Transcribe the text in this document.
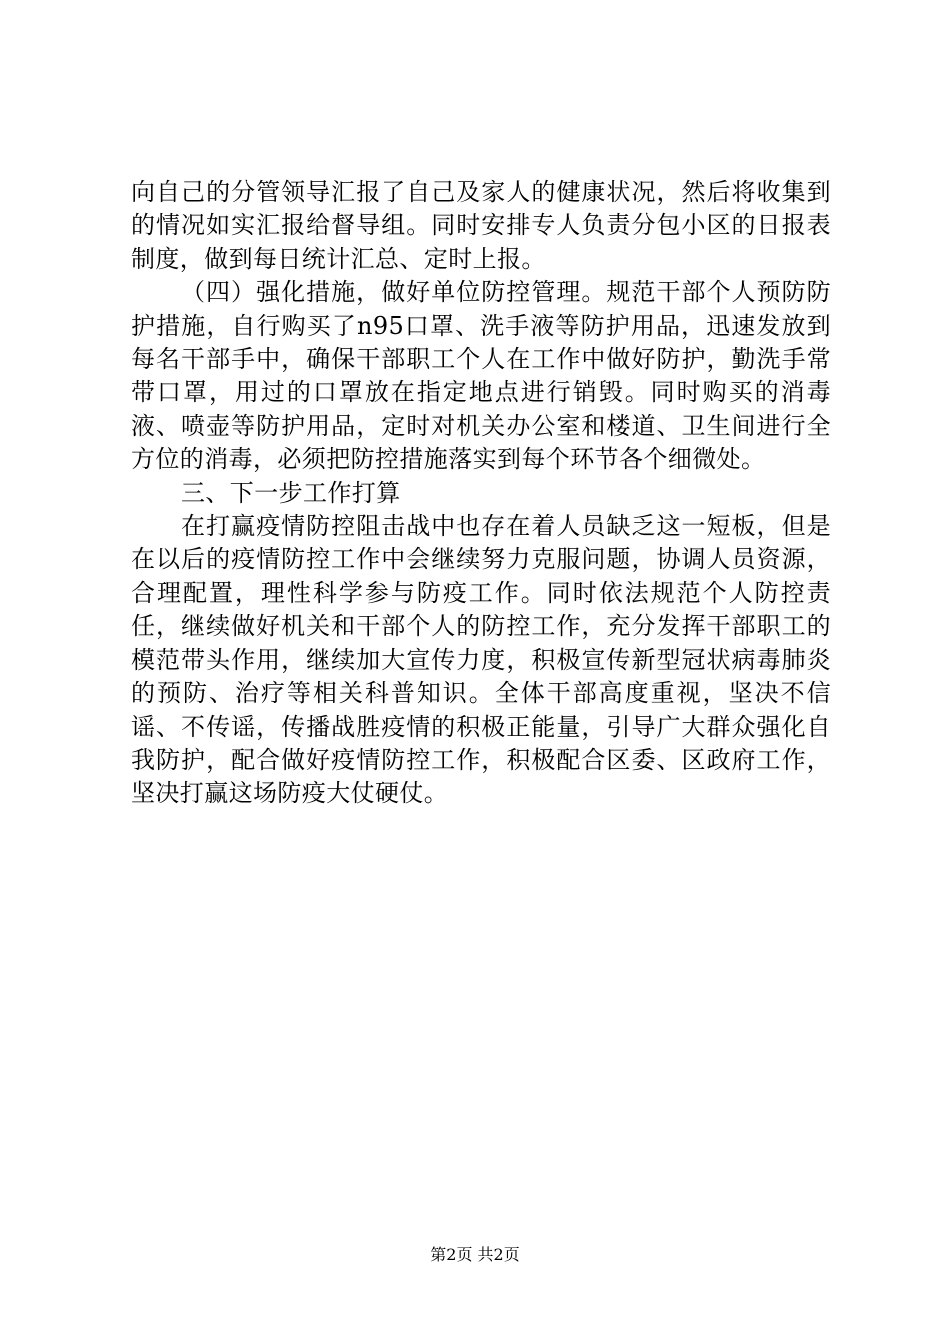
向自己的分管领导汇报了自己及家人的健康状况，然后将收集到的情况如实汇报给督导组。同时安排专人负责分包小区的日报表制度，做到每日统计汇总、定时上报。

（四）强化措施，做好单位防控管理。规范干部个人预防防护措施，自行购买了n95口罩、洗手液等防护用品，迅速发放到每名干部手中，确保干部职工个人在工作中做好防护，勤洗手常带口罩，用过的口罩放在指定地点进行销毁。同时购买的消毒液、喷壶等防护用品，定时对机关办公室和楼道、卫生间进行全方位的消毒，必须把防控措施落实到每个环节各个细微处。

三、下一步工作打算

在打赢疫情防控阻击战中也存在着人员缺乏这一短板，但是在以后的疫情防控工作中会继续努力克服问题，协调人员资源，合理配置，理性科学参与防疫工作。同时依法规范个人防控责任，继续做好机关和干部个人的防控工作，充分发挥干部职工的模范带头作用，继续加大宣传力度，积极宣传新型冠状病毒肺炎的预防、治疗等相关科普知识。全体干部高度重视，坚决不信谣、不传谣，传播战胜疫情的积极正能量，引导广大群众强化自我防护，配合做好疫情防控工作，积极配合区委、区政府工作，坚决打赢这场防疫大仗硬仗。

第2页 共2页
